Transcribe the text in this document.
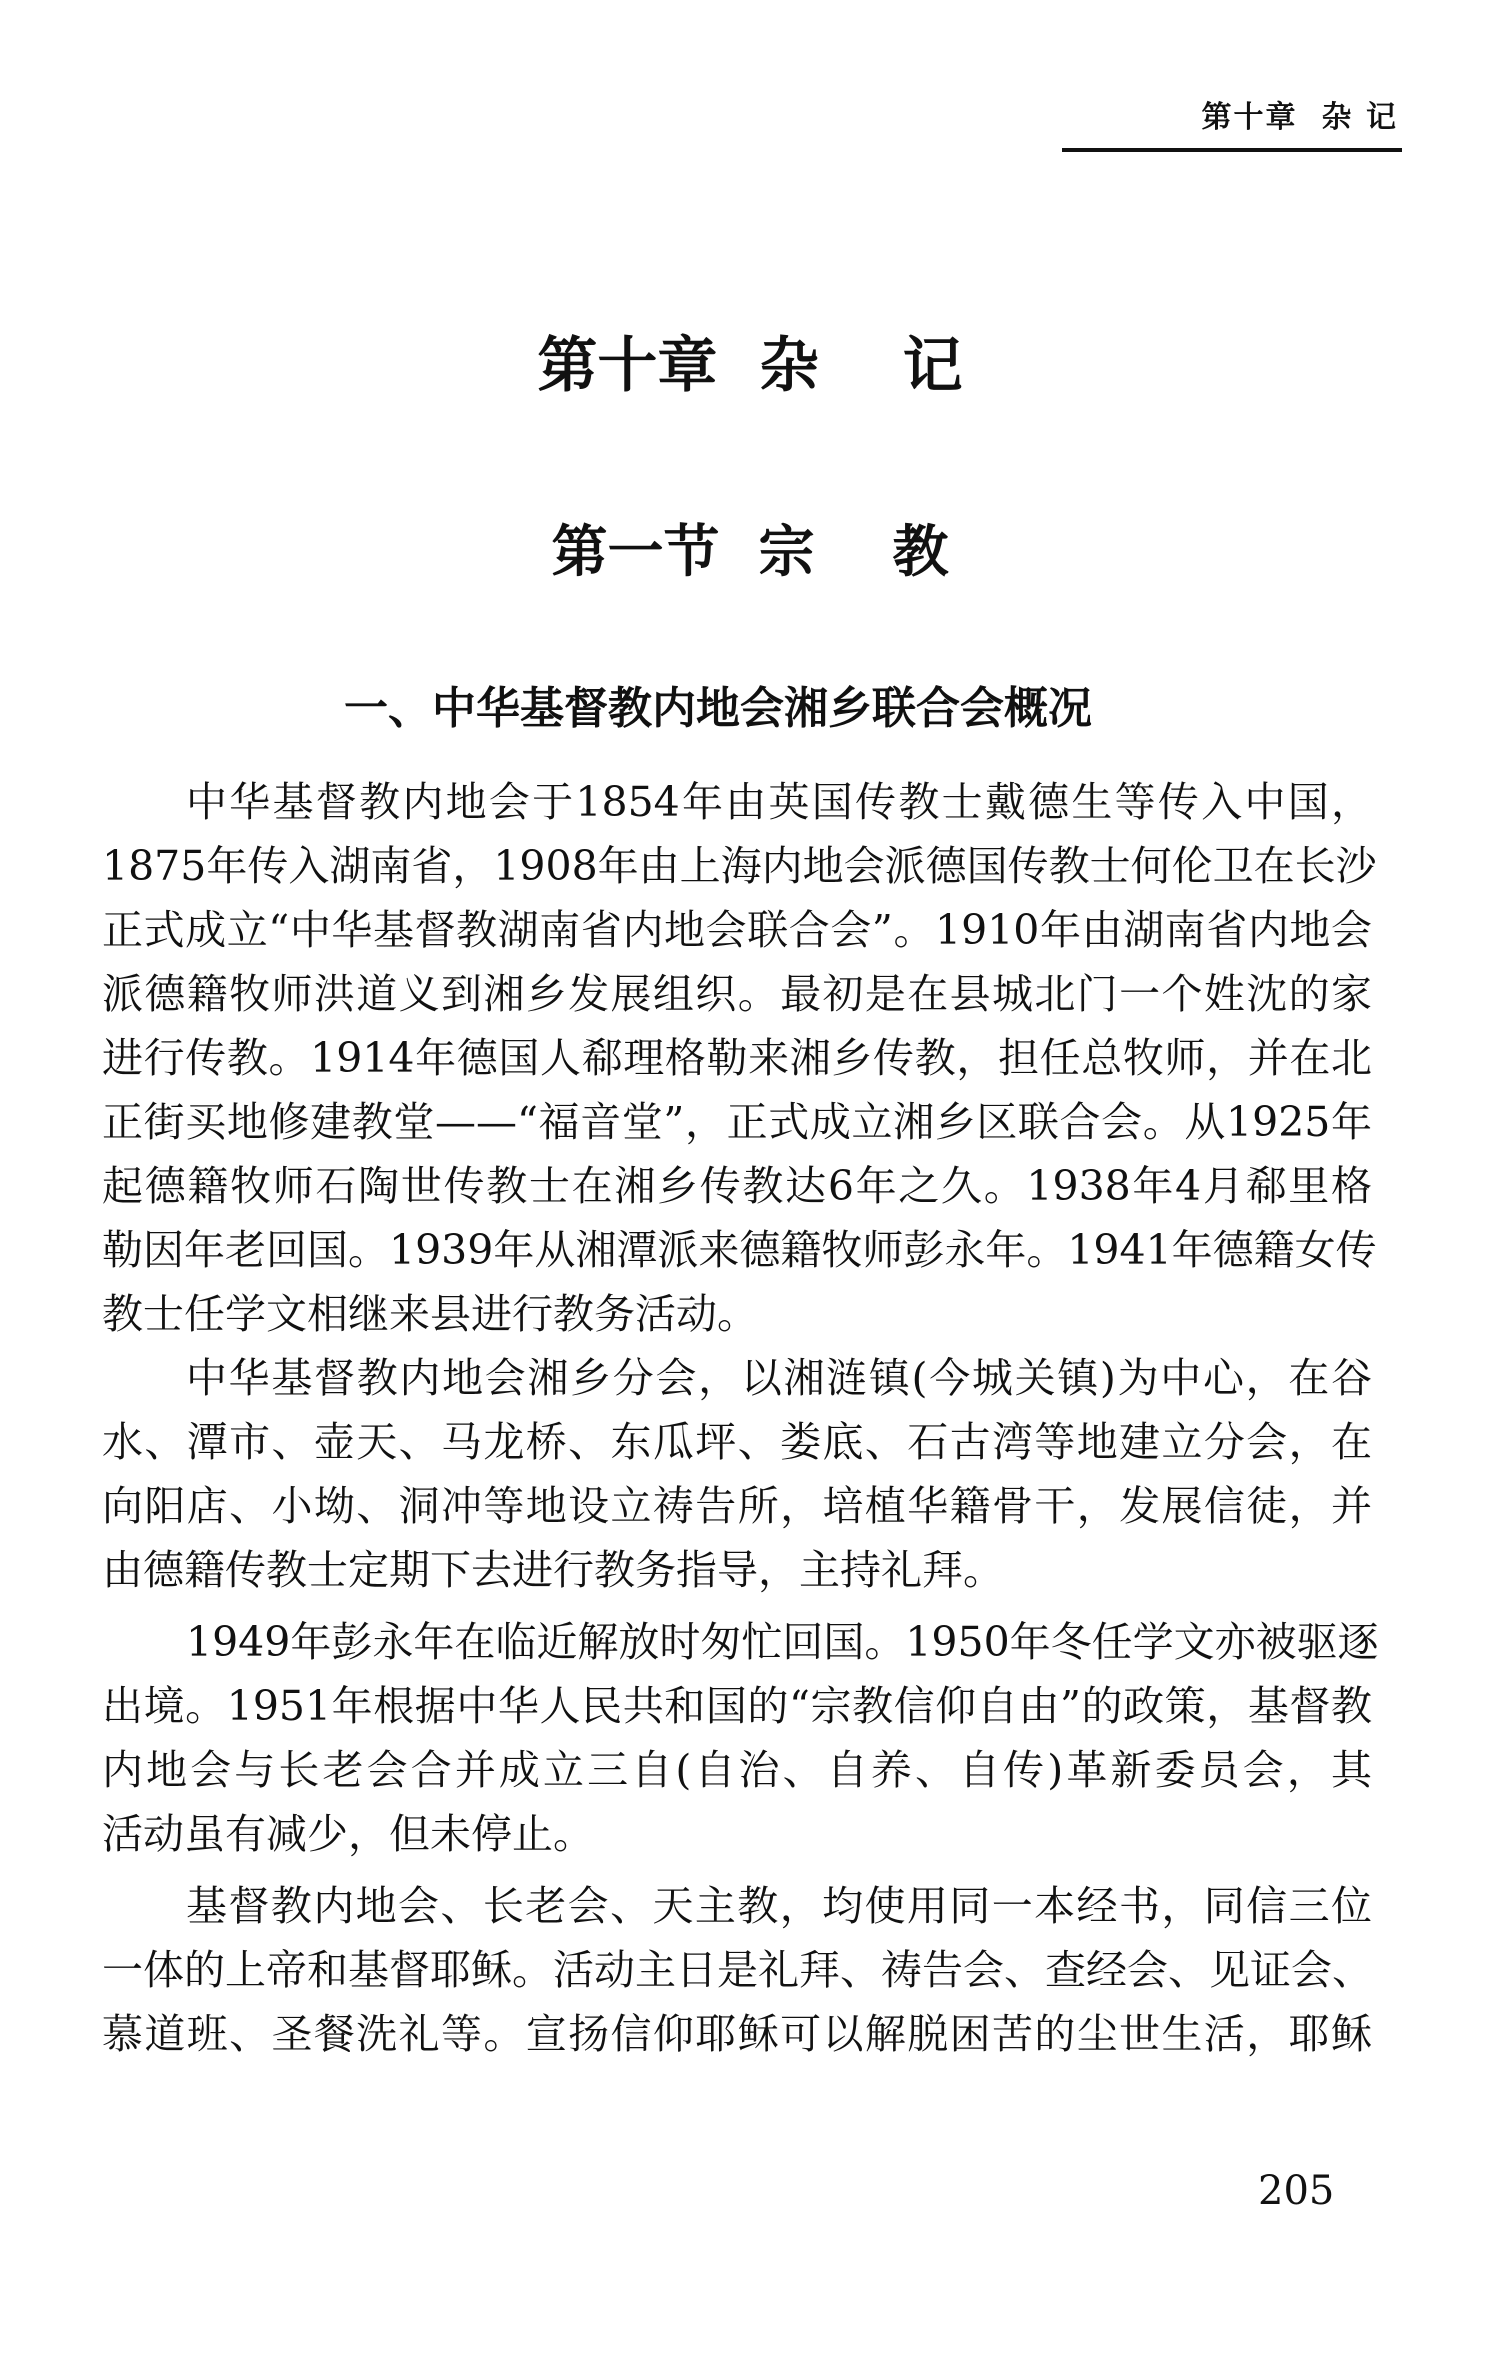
第十章 杂 记
第十章  杂    记
第一节  宗    教
一、中华基督教内地会湘乡联合会概况
中华基督教内地会于1854年由英国传教士戴德生等传入中国，
1875年传入湖南省，1908年由上海内地会派德国传教士何伦卫在长沙
正式成立“中华基督教湖南省内地会联合会”。1910年由湖南省内地会
派德籍牧师洪道义到湘乡发展组织。最初是在县城北门一个姓沈的家
进行传教。1914年德国人郗理格勒来湘乡传教，担任总牧师，并在北
正街买地修建教堂——“福音堂”，正式成立湘乡区联合会。从1925年
起德籍牧师石陶世传教士在湘乡传教达6年之久。1938年4月郗里格
勒因年老回国。1939年从湘潭派来德籍牧师彭永年。1941年德籍女传
教士任学文相继来县进行教务活动。
中华基督教内地会湘乡分会，以湘涟镇(今城关镇)为中心，在谷
水、潭市、壶天、马龙桥、东瓜坪、娄底、石古湾等地建立分会，在
向阳店、小坳、洞冲等地设立祷告所，培植华籍骨干，发展信徒，并
由德籍传教士定期下去进行教务指导，主持礼拜。
1949年彭永年在临近解放时匆忙回国。1950年冬任学文亦被驱逐
出境。1951年根据中华人民共和国的“宗教信仰自由”的政策，基督教
内地会与长老会合并成立三自(自治、自养、自传)革新委员会，其
活动虽有减少，但未停止。
基督教内地会、长老会、天主教，均使用同一本经书，同信三位
一体的上帝和基督耶稣。活动主日是礼拜、祷告会、查经会、见证会、
慕道班、圣餐洗礼等。宣扬信仰耶稣可以解脱困苦的尘世生活，耶稣
205
